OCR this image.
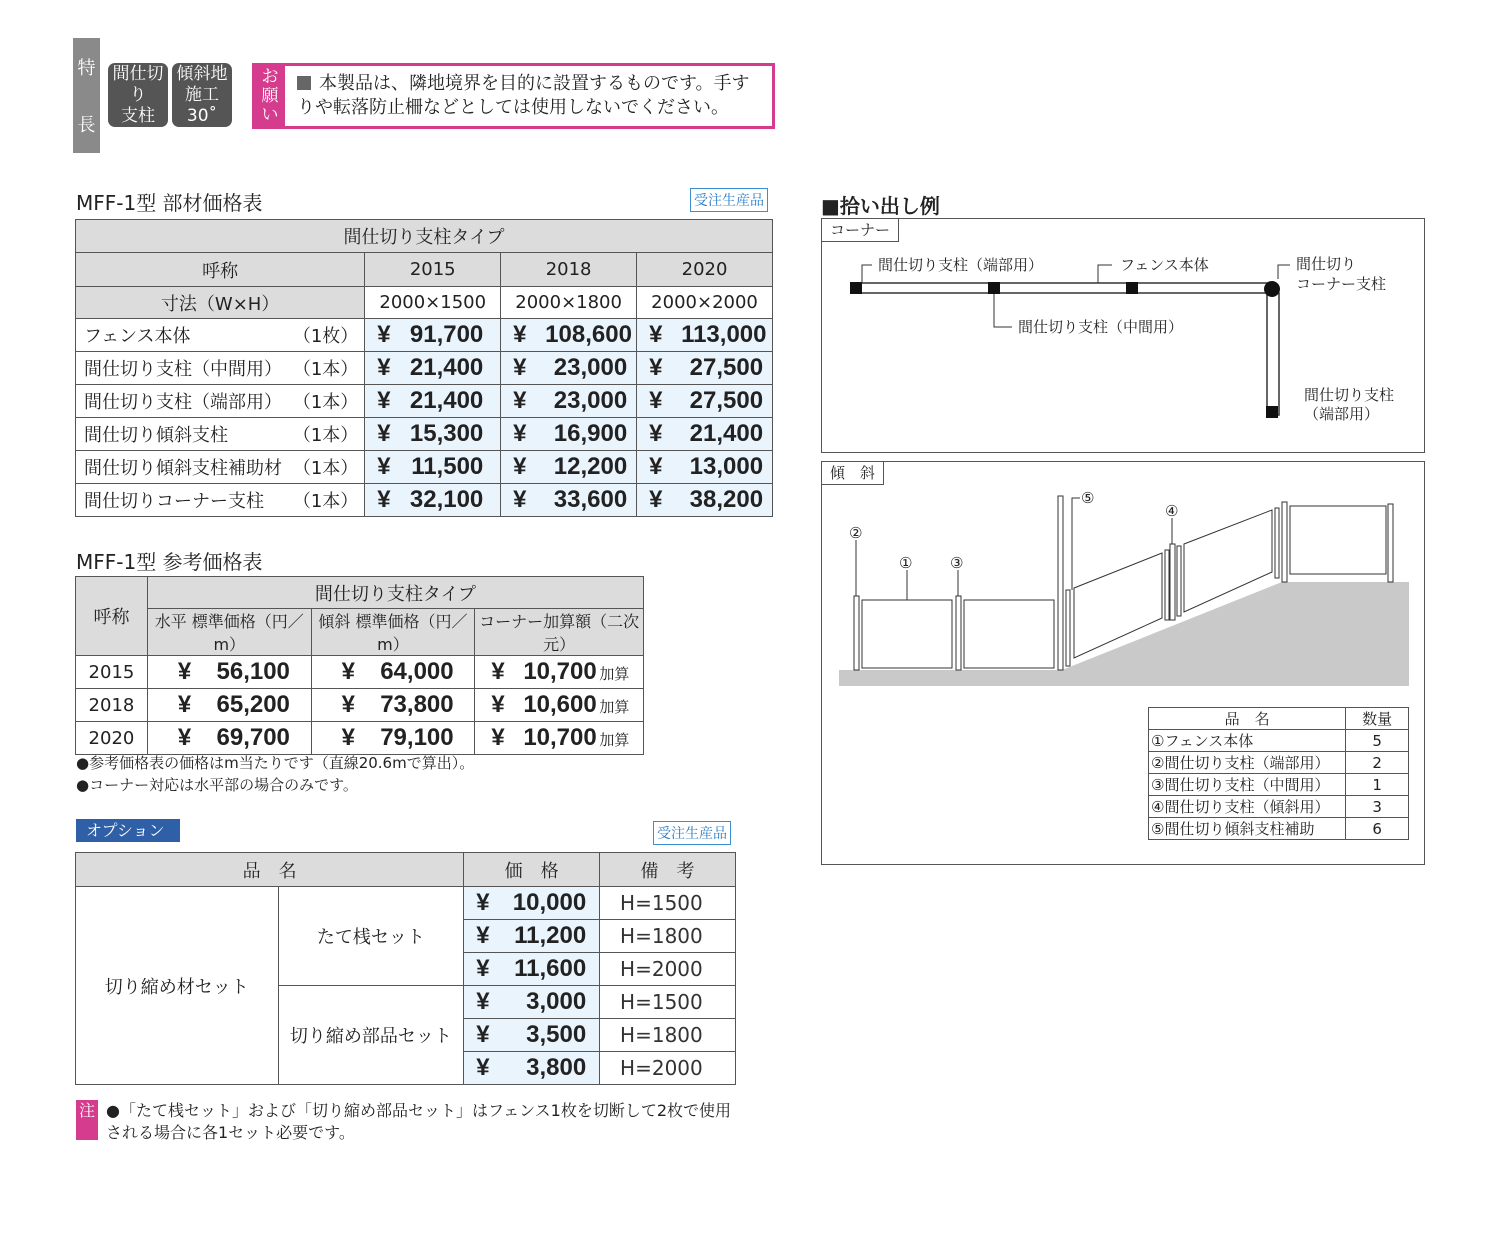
特
長
間仕切り
支柱
傾斜地
施工30˚
お
願
い
本製品は、隣地境界を目的に設置するものです。手すりや転落防止柵などとしては使用しないでください。
MFF-1型 部材価格表	受注生産品
間仕切り支柱タイプ			
呼称	2015	2018	2020
寸法（W×H）	2000×1500	2000×1800	2000×2000
フェンス本体 （1枚）	¥ 91,700	¥ 108,600	¥ 113,000
間仕切り支柱（中間用） （1本）	¥ 21,400	¥ 23,000	¥ 27,500
間仕切り支柱（端部用） （1本）	¥ 21,400	¥ 23,000	¥ 27,500
間仕切り傾斜支柱 （1本）	¥ 15,300	¥ 16,900	¥ 21,400
間仕切り傾斜支柱補助材 （1本）	¥ 11,500	¥ 12,200	¥ 13,000
間仕切りコーナー支柱 （1本）	¥ 32,100	¥ 33,600	¥ 38,200
MFF-1型 参考価格表
呼称	間仕切り支柱タイプ		
	水平 標準価格（円／m）	傾斜 標準価格（円／m）	コーナー加算額（二次元）
2015	¥ 56,100	¥ 64,000	¥ 10,700 加算
2018	¥ 65,200	¥ 73,800	¥ 10,600 加算
2020	¥ 69,700	¥ 79,100	¥ 10,700 加算
●参考価格表の価格はm当たりです（直線20.6mで算出）。
●コーナー対応は水平部の場合のみです。
オプション	受注生産品
品　名		価　格	備　考
切り縮め材セット	たて桟セット	¥ 10,000	H=1500
		¥ 11,200	H=1800
		¥ 11,600	H=2000
	切り縮め部品セット	¥ 3,000	H=1500
		¥ 3,500	H=1800
		¥ 3,800	H=2000
注 ●「たて桟セット」および「切り縮め部品セット」はフェンス1枚を切断して2枚で使用される場合に各1セット必要です。
■拾い出し例
コーナー
間仕切り支柱（端部用）	フェンス本体	間仕切り
コーナー支柱
間仕切り支柱（中間用）
間仕切り支柱
（端部用）
傾　斜
②
①	③
⑤
④
品　名	数量
①フェンス本体	5
②間仕切り支柱（端部用）	2
③間仕切り支柱（中間用）	1
④間仕切り支柱（傾斜用）	3
⑤間仕切り傾斜支柱補助	6
